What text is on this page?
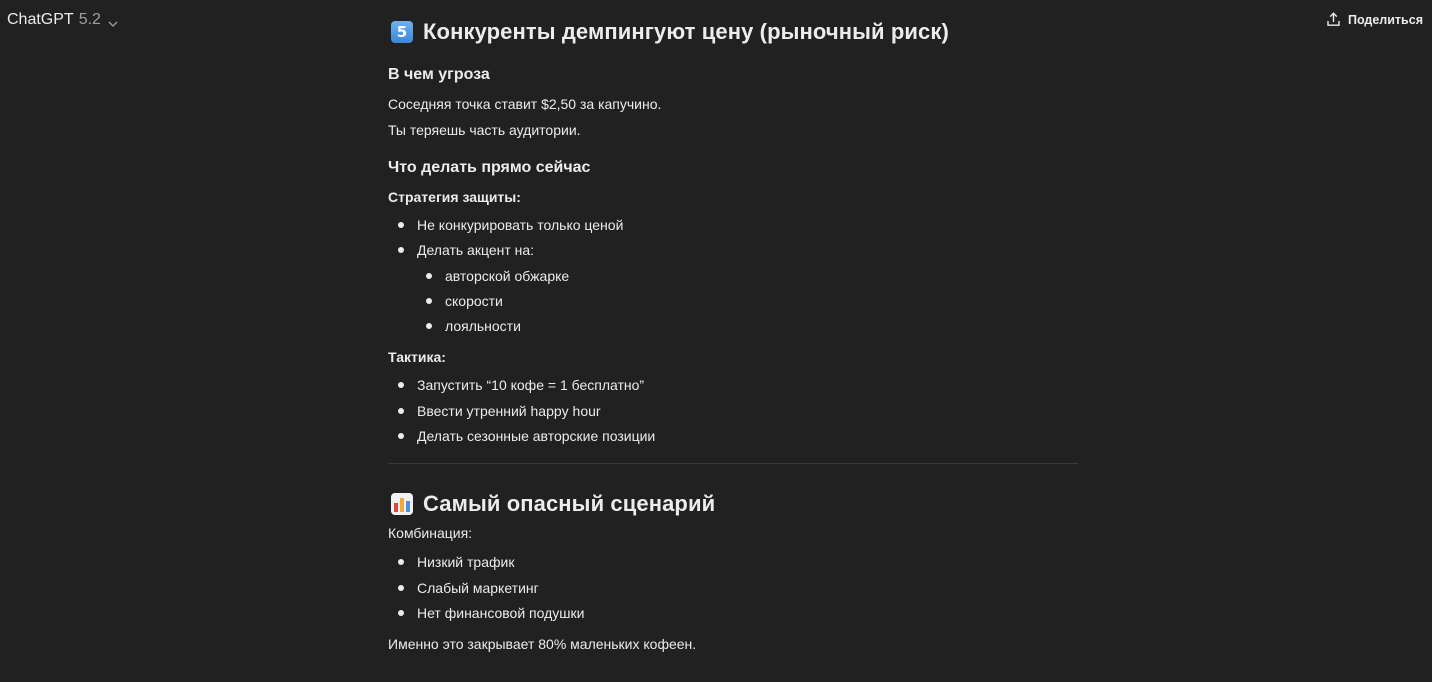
ChatGPT 5.2	Поделиться
5 Конкуренты демпингуют цену (рыночный риск)
В чем угроза

Соседняя точка ставит $2,50 за капучино.

Ты теряешь часть аудитории.

Что делать прямо сейчас

Стратегия защиты:

Не конкурировать только ценой
Делать акцент на:
авторской обжарке
скорости
лояльности

Тактика:

Запустить “10 кофе = 1 бесплатно”
Ввести утренний happy hour
Делать сезонные авторские позиции
Самый опасный сценарий

Комбинация:

Низкий трафик
Слабый маркетинг
Нет финансовой подушки

Именно это закрывает 80% маленьких кофеен.
